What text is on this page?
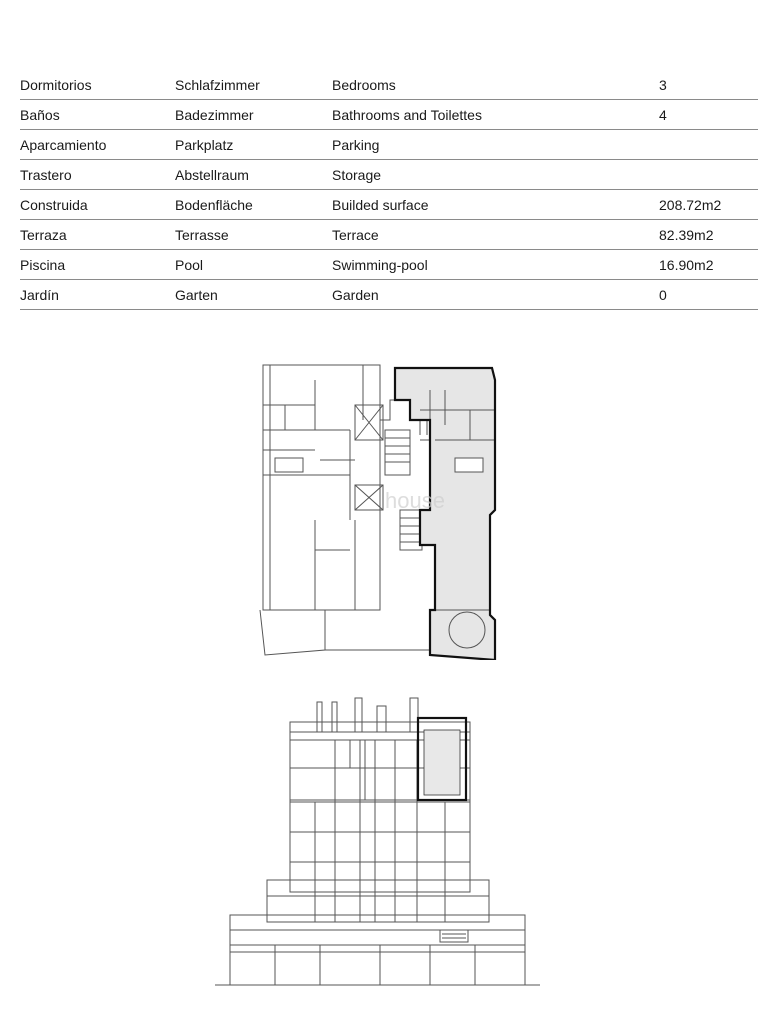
Dormitorios	Schlafzimmer	Bedrooms	3
Baños	Badezimmer	Bathrooms and Toilettes	4
Aparcamiento	Parkplatz	Parking
Trastero	Abstellraum	Storage
Construida	Bodenfläche	Builded surface	208.72m2
Terraza	Terrasse	Terrace	82.39m2
Piscina	Pool	Swimming-pool	16.90m2
Jardín	Garten	Garden	0
house
